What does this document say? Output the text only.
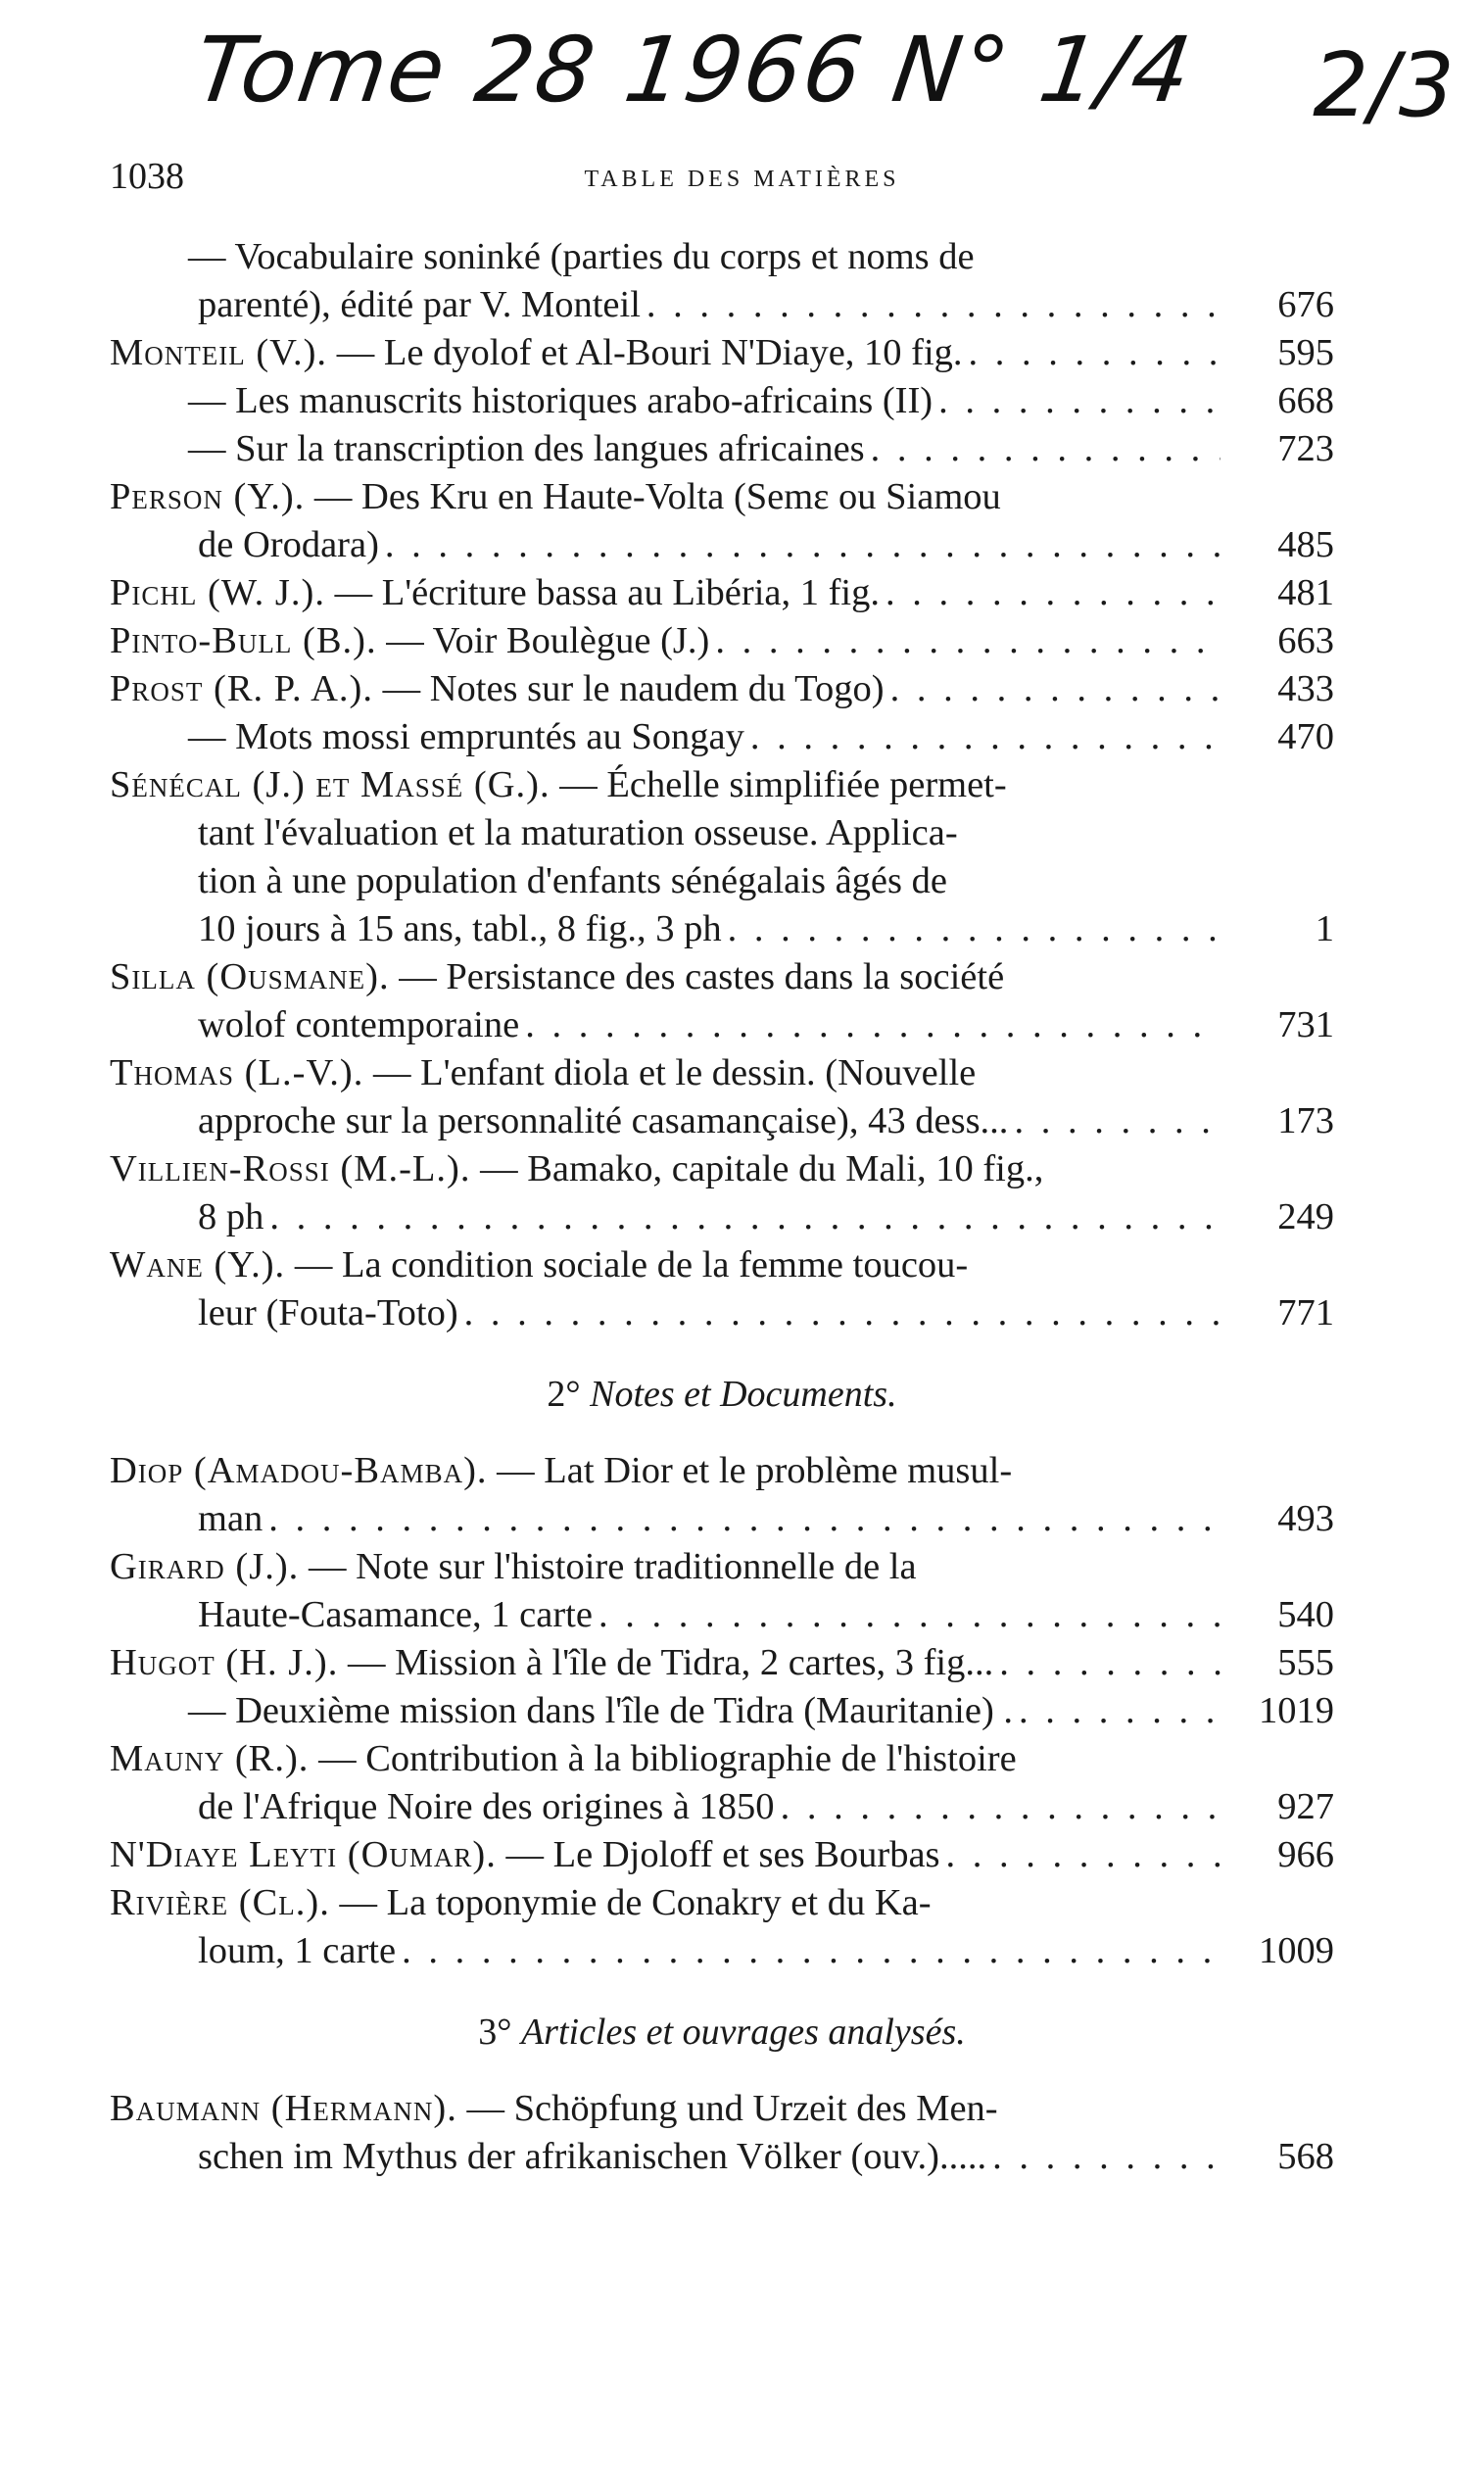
Tome 28 1966 N° 1/4 2/3
1038	TABLE DES MATIÈRES
— Vocabulaire soninké (parties du corps et noms de
parenté), édité par V. Monteil . . .	676
Monteil (V.). — Le dyolof et Al-Bouri N'Diaye, 10 fig. . . .	595
— Les manuscrits historiques arabo-africains (II) . . .	668
— Sur la transcription des langues africaines . . .	723
Person (Y.). — Des Kru en Haute-Volta (Semɛ ou Siamou
de Orodara) . . .	485
Pichl (W. J.). — L'écriture bassa au Libéria, 1 fig. . . .	481
Pinto-Bull (B.). — Voir Boulègue (J.) . . .	663
Prost (R. P. A.). — Notes sur le naudem du Togo) . . .	433
— Mots mossi empruntés au Songay . . .	470
Sénécal (J.) et Massé (G.). — Échelle simplifiée permet-
tant l'évaluation et la maturation osseuse. Applica-
tion à une population d'enfants sénégalais âgés de
10 jours à 15 ans, tabl., 8 fig., 3 ph . . .	1
Silla (Ousmane). — Persistance des castes dans la société
wolof contemporaine . . .	731
Thomas (L.-V.). — L'enfant diola et le dessin. (Nouvelle
approche sur la personnalité casamançaise), 43 dess... . . .	173
Villien-Rossi (M.-L.). — Bamako, capitale du Mali, 10 fig.,
8 ph . . .	249
Wane (Y.). — La condition sociale de la femme toucou-
leur (Fouta-Toto) . . .	771
2° Notes et Documents.
Diop (Amadou-Bamba). — Lat Dior et le problème musul-
man . . .	493
Girard (J.). — Note sur l'histoire traditionnelle de la
Haute-Casamance, 1 carte . . .	540
Hugot (H. J.). — Mission à l'île de Tidra, 2 cartes, 3 fig... . . .	555
— Deuxième mission dans l'île de Tidra (Mauritanie) . . . .	1019
Mauny (R.). — Contribution à la bibliographie de l'histoire
de l'Afrique Noire des origines à 1850 . . .	927
N'Diaye Leyti (Oumar). — Le Djoloff et ses Bourbas . . .	966
Rivière (Cl.). — La toponymie de Conakry et du Ka-
loum, 1 carte . . .	1009
3° Articles et ouvrages analysés.
Baumann (Hermann). — Schöpfung und Urzeit des Men-
schen im Mythus der afrikanischen Völker (ouv.)..... . . .	568
